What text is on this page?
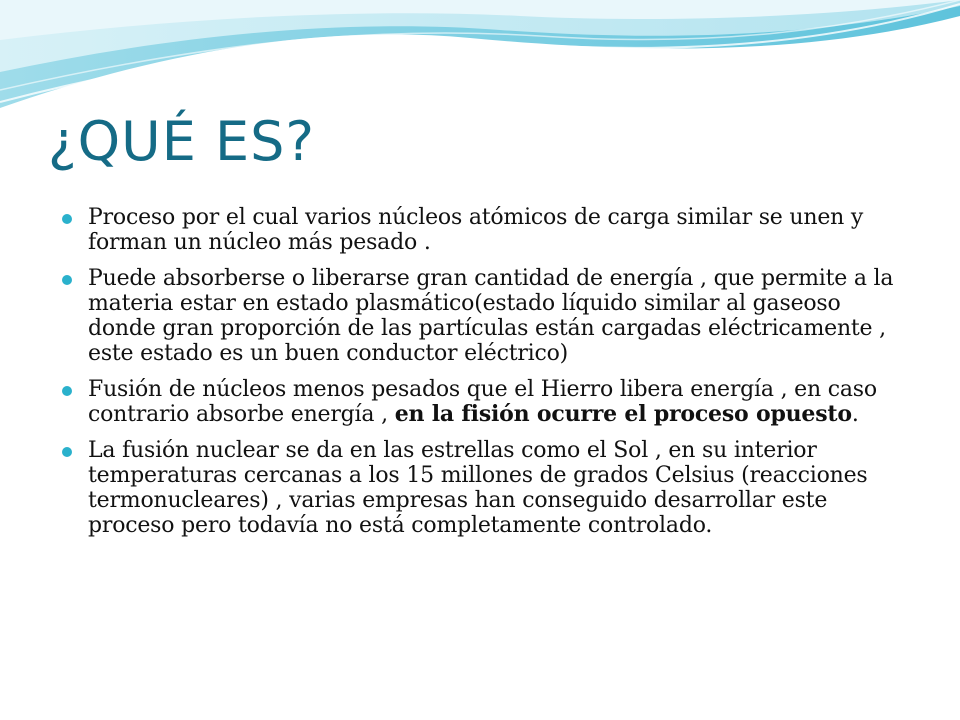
¿QUÉ ES?
Proceso por el cual varios núcleos atómicos de carga similar se unen y forman un núcleo más pesado .
Puede absorberse o liberarse gran cantidad de energía , que permite a la materia estar en estado plasmático(estado líquido similar al gaseoso donde gran proporción de las partículas están cargadas eléctricamente , este estado es un buen conductor eléctrico)
Fusión de núcleos menos pesados que el Hierro libera energía , en caso contrario absorbe energía , en la fisión ocurre el proceso opuesto.
La fusión nuclear se da en las estrellas como el Sol , en su interior temperaturas cercanas a los 15 millones de grados Celsius (reacciones termonucleares) , varias empresas han conseguido desarrollar este proceso pero todavía no está completamente controlado.
